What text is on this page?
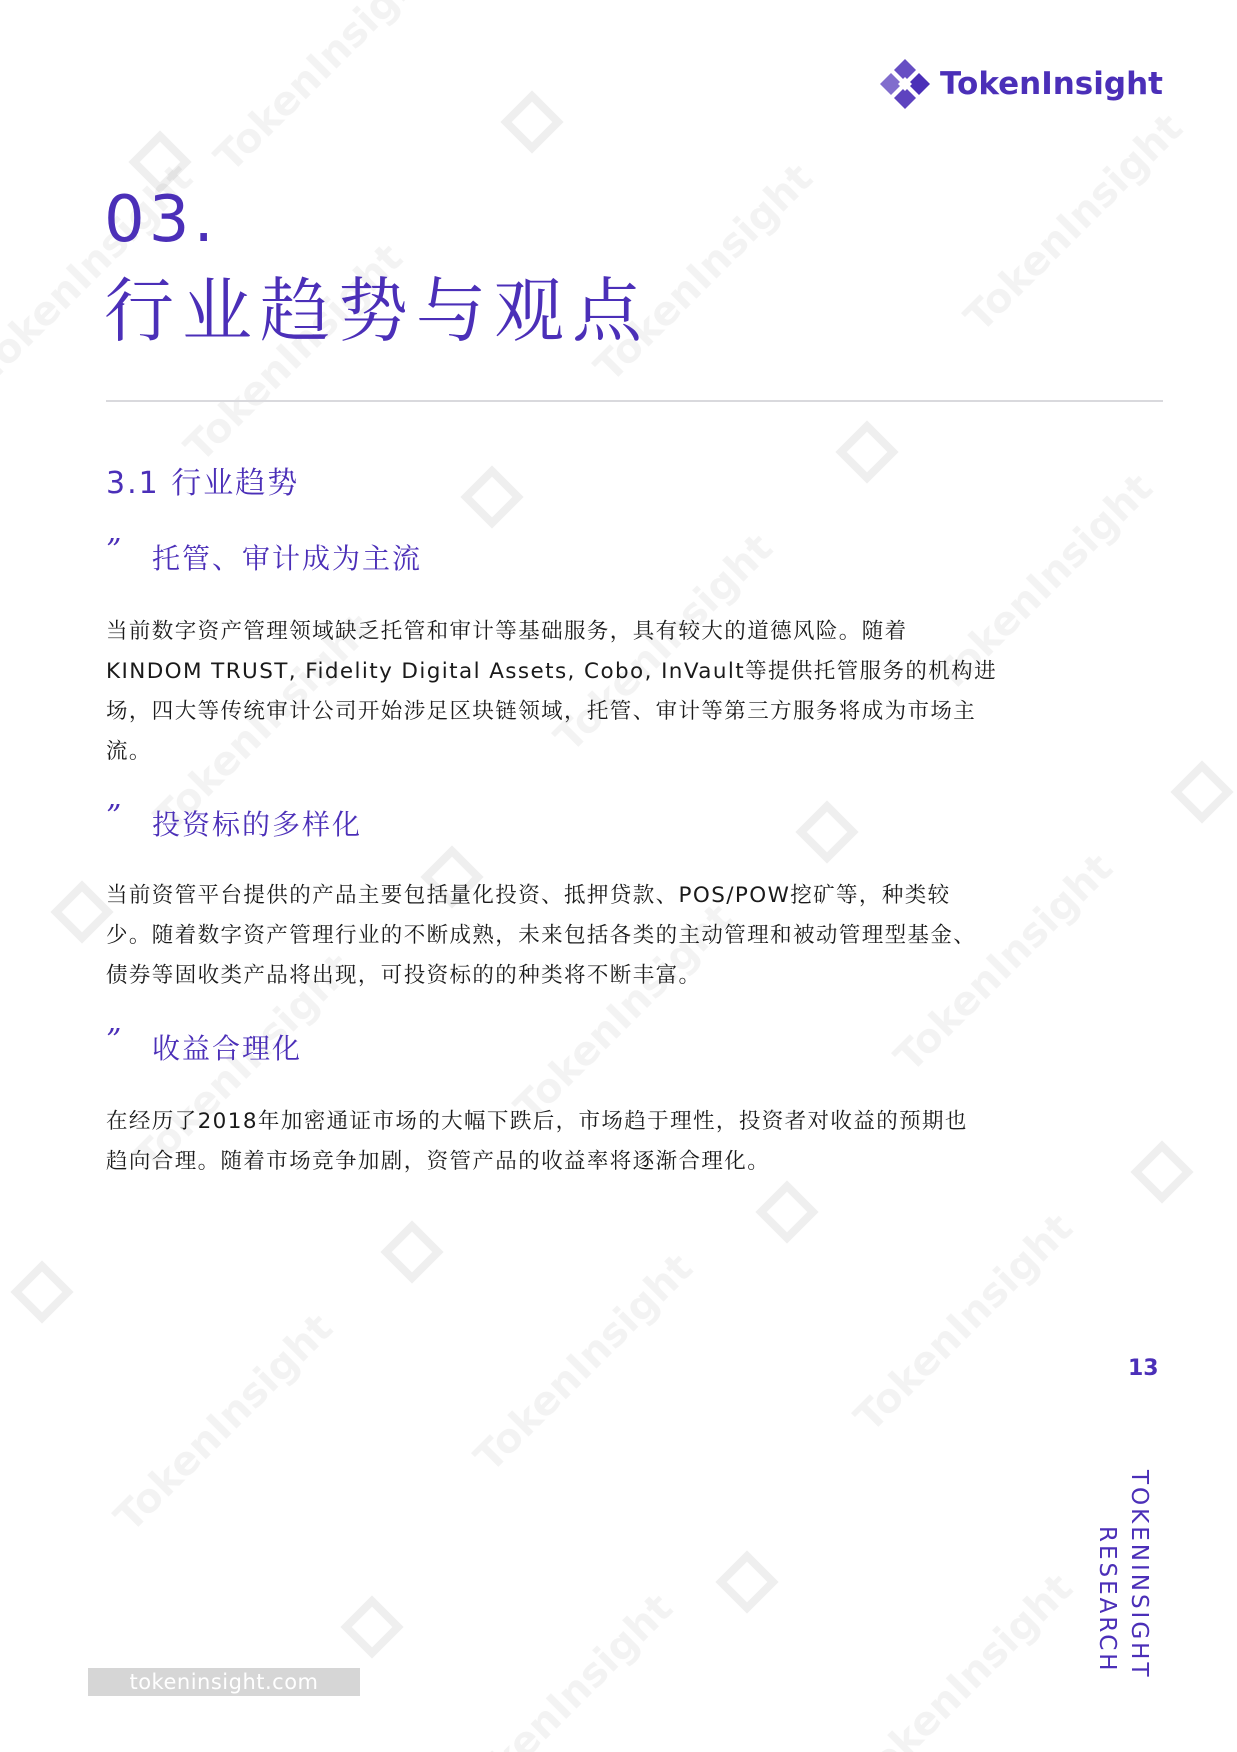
TokenInsight
03.
行业趋势与观点
3.1 行业趋势
”	托管、审计成为主流
当前数字资产管理领域缺乏托管和审计等基础服务，具有较大的道德风险。随着
KINDOM TRUST, Fidelity Digital Assets, Cobo, InVault等提供托管服务的机构进
场，四大等传统审计公司开始涉足区块链领域，托管、审计等第三方服务将成为市场主
流。
”	投资标的多样化
当前资管平台提供的产品主要包括量化投资、抵押贷款、POS/POW挖矿等，种类较
少。随着数字资产管理行业的不断成熟，未来包括各类的主动管理和被动管理型基金、
债券等固收类产品将出现，可投资标的的种类将不断丰富。
”	收益合理化
在经历了2018年加密通证市场的大幅下跌后，市场趋于理性，投资者对收益的预期也
趋向合理。随着市场竞争加剧，资管产品的收益率将逐渐合理化。
13
TOKENINSIGHT
RESEARCH
tokeninsight.com
